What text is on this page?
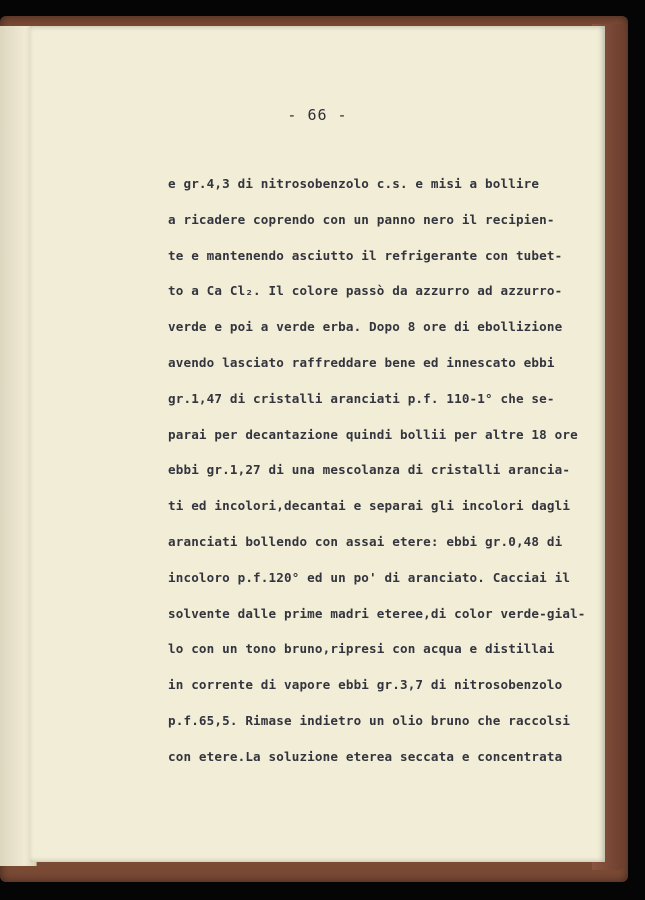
- 66 -
e gr.4,3 di nitrosobenzolo c.s. e misi a bollire
a ricadere coprendo con un panno nero il recipien-
te e mantenendo asciutto il refrigerante con tubet-
to a Ca Cl₂. Il colore passò da azzurro ad azzurro-
verde e poi a verde erba. Dopo 8 ore di ebollizione
avendo lasciato raffreddare bene ed innescato ebbi
gr.1,47 di cristalli aranciati p.f. 110-1° che se-
parai per decantazione quindi bollii per altre 18 ore
ebbi gr.1,27 di una mescolanza di cristalli arancia-
ti ed incolori,decantai e separai gli incolori dagli
aranciati bollendo con assai etere: ebbi gr.0,48 di
incoloro p.f.120° ed un po' di aranciato. Cacciai il
solvente dalle prime madri eteree,di color verde-gial-
lo con un tono bruno,ripresi con acqua e distillai
in corrente di vapore ebbi gr.3,7 di nitrosobenzolo
p.f.65,5. Rimase indietro un olio bruno che raccolsi
con etere.La soluzione eterea seccata e concentrata
